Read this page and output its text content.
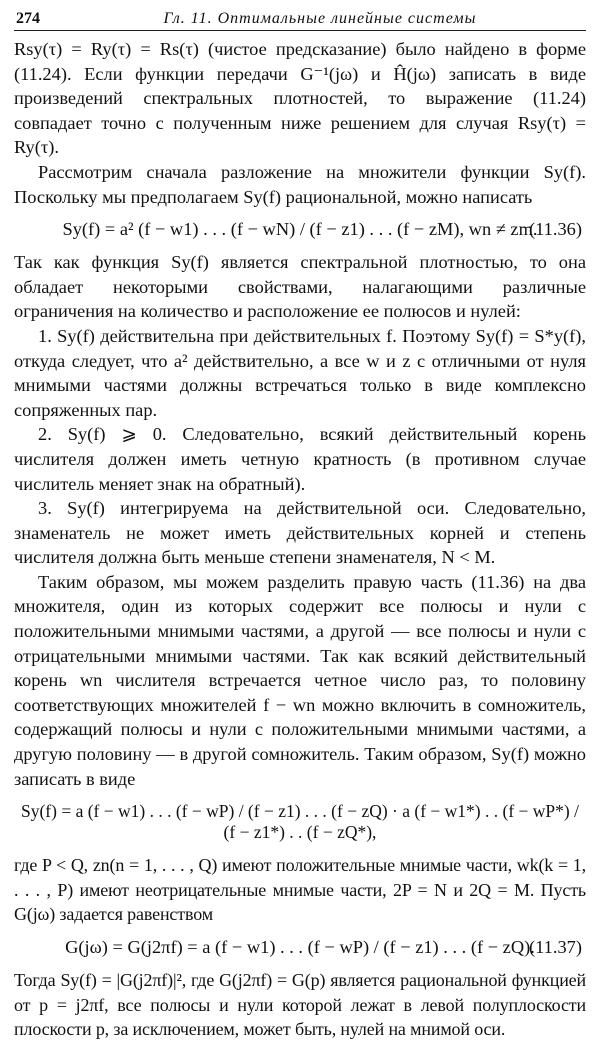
274	Гл. 11. Оптимальные линейные системы

Rsy(τ) = Ry(τ) = Rs(τ) (чистое предсказание) было найдено в форме (11.24). Если функции передачи G⁻¹(jω) и Ĥ(jω) записать в виде произведений спектральных плотностей, то выражение (11.24) совпадает точно с полученным ниже решением для случая Rsy(τ) = Ry(τ).

Рассмотрим сначала разложение на множители функции Sy(f). Поскольку мы предполагаем Sy(f) рациональной, можно написать

Sy(f) = a² (f − w1) . . . (f − wN) / (f − z1) . . . (f − zM), wn ≠ zm.
(11.36)

Так как функция Sy(f) является спектральной плотностью, то она обладает некоторыми свойствами, налагающими различные ограничения на количество и расположение ее полюсов и нулей:

1. Sy(f) действительна при действительных f. Поэтому Sy(f) = S*y(f), откуда следует, что a² действительно, а все w и z с отличными от нуля мнимыми частями должны встречаться только в виде комплексно сопряженных пар.

2. Sy(f) ⩾ 0. Следовательно, всякий действительный корень числителя должен иметь четную кратность (в противном случае числитель меняет знак на обратный).

3. Sy(f) интегрируема на действительной оси. Следовательно, знаменатель не может иметь действительных корней и степень числителя должна быть меньше степени знаменателя, N < M.

Таким образом, мы можем разделить правую часть (11.36) на два множителя, один из которых содержит все полюсы и нули с положительными мнимыми частями, а другой — все полюсы и нули с отрицательными мнимыми частями. Так как всякий действительный корень wn числителя встречается четное число раз, то половину соответствующих множителей f − wn можно включить в сомножитель, содержащий полюсы и нули с положительными мнимыми частями, а другую половину — в другой сомножитель. Таким образом, Sy(f) можно записать в виде

Sy(f) = a (f − w1) . . . (f − wP) / (f − z1) . . . (f − zQ) · a (f − w1*) . . (f − wP*) / (f − z1*) . . (f − zQ*),

где P < Q, zn(n = 1, . . . , Q) имеют положительные мнимые части, wk(k = 1, . . . , P) имеют неотрицательные мнимые части, 2P = N и 2Q = M. Пусть G(jω) задается равенством

G(jω) = G(j2πf) = a (f − w1) . . . (f − wP) / (f − z1) . . . (f − zQ).
(11.37)

Тогда Sy(f) = |G(j2πf)|², где G(j2πf) = G(p) является рациональной функцией от p = j2πf, все полюсы и нули которой лежат в левой полуплоскости плоскости p, за исключением, может быть, нулей на мнимой оси.
